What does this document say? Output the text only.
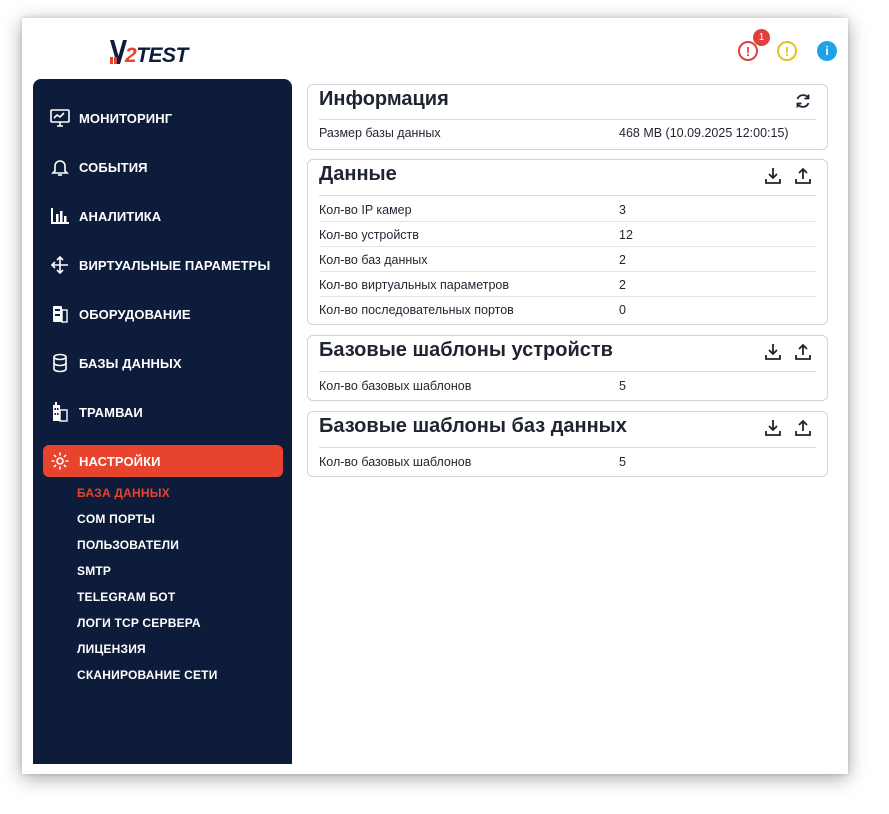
2TEST	!
1
!	i
МОНИТОРИНГ
СОБЫТИЯ
АНАЛИТИКА
ВИРТУАЛЬНЫЕ ПАРАМЕТРЫ
ОБОРУДОВАНИЕ
БАЗЫ ДАННЫХ
ТРАМВАИ
НАСТРОЙКИ
БАЗА ДАННЫХ
COM ПОРТЫ
ПОЛЬЗОВАТЕЛИ
SMTP
TELEGRAM БОТ
ЛОГИ TCP СЕРВЕРА
ЛИЦЕНЗИЯ
СКАНИРОВАНИЕ СЕТИ
Информация
Размер базы данных	468 MB (10.09.2025 12:00:15)
Данные
Кол-во IP камер	3
Кол-во устройств	12
Кол-во баз данных	2
Кол-во виртуальных параметров	2
Кол-во последовательных портов	0
Базовые шаблоны устройств
Кол-во базовых шаблонов	5
Базовые шаблоны баз данных
Кол-во базовых шаблонов	5
